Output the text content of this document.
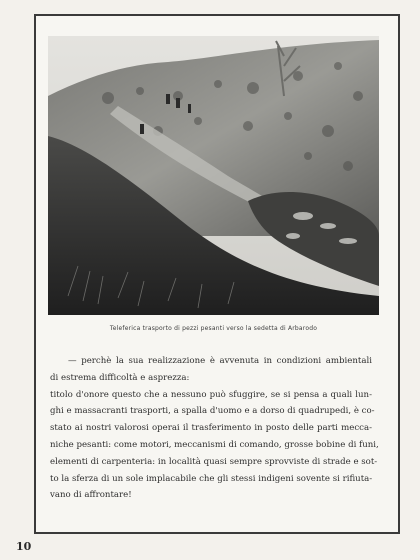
Teleferica trasporto di pezzi pesanti verso la sedetta di Arbarodo
— perchè la sua realizzazione è avvenuta in condizioni ambientali
di estrema difficoltà e asprezza:
titolo d'onore questo che a nessuno può sfuggire, se si pensa a quali lun-
ghi e massacranti trasporti, a spalla d'uomo e a dorso di quadrupedi, è co-
stato ai nostri valorosi operai il trasferimento in posto delle parti mecca-
niche pesanti: come motori, meccanismi di comando, grosse bobine di funi,
elementi di carpenteria: in località quasi sempre sprovviste di strade e sot-
to la sferza di un sole implacabile che gli stessi indigeni sovente si rifiuta-
vano di affrontare!
10
